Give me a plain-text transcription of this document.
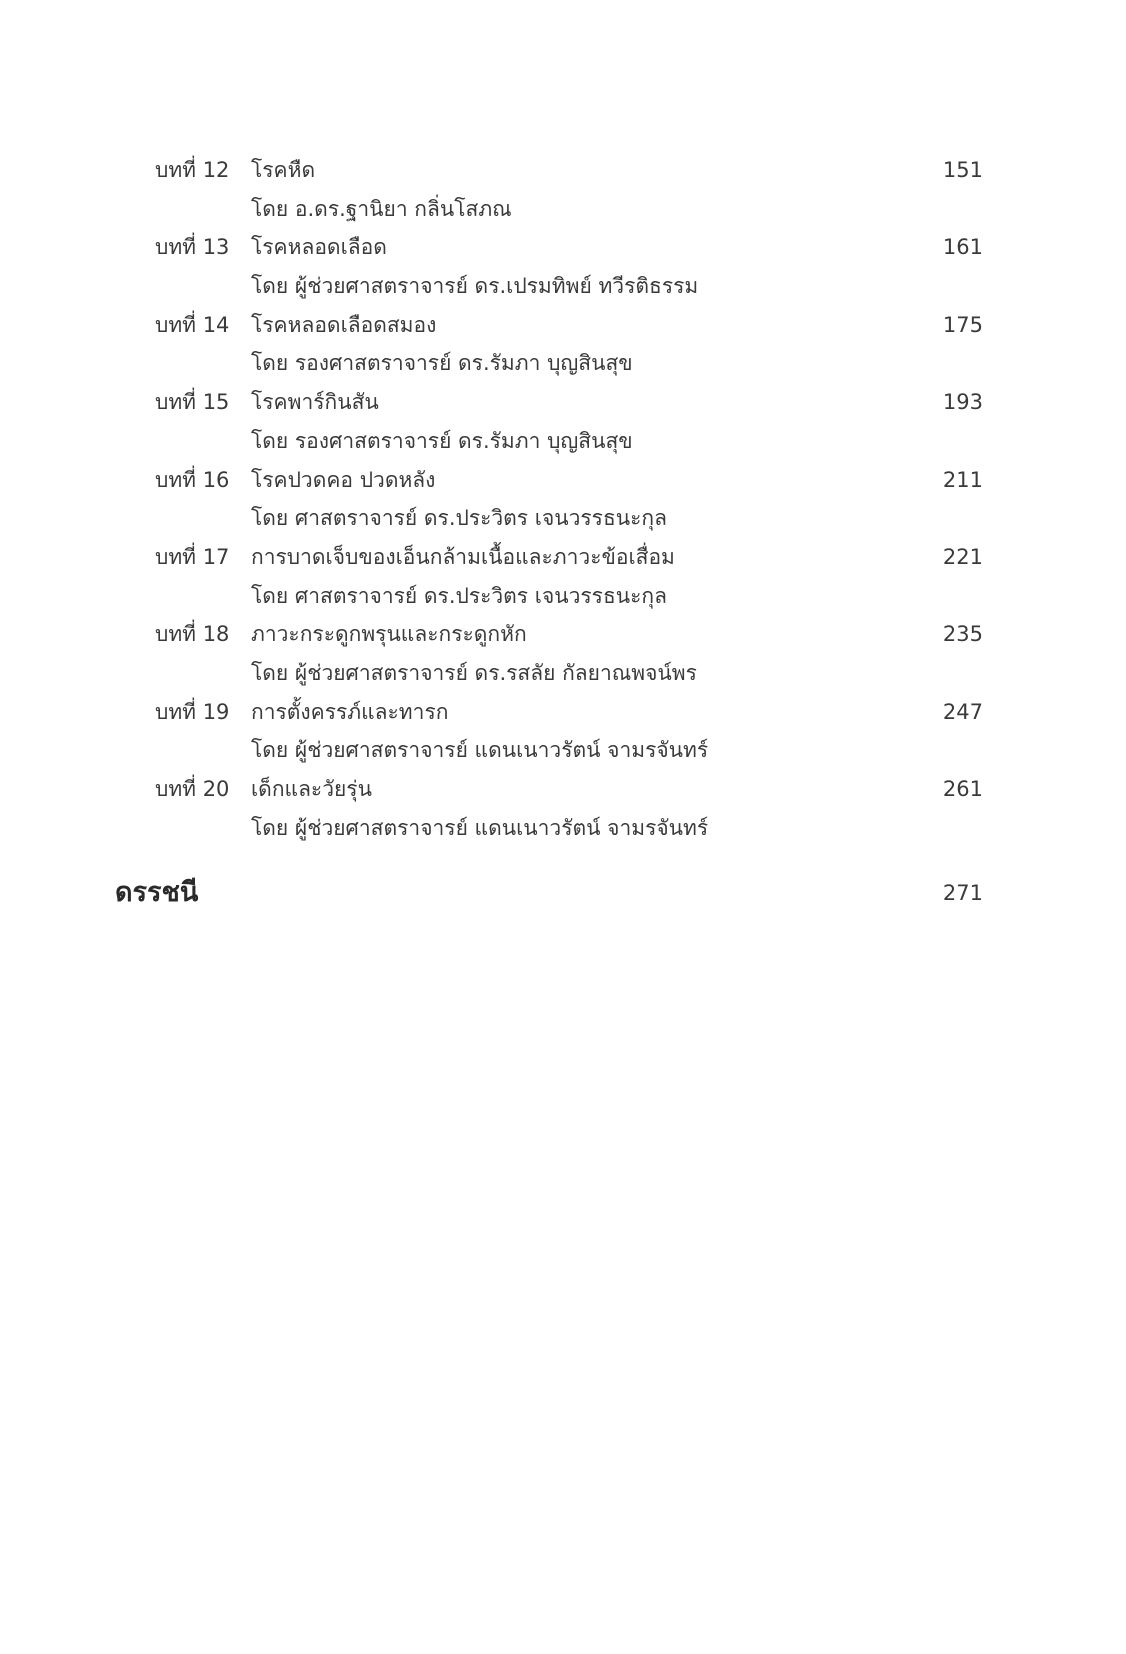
บทที่ 12 โรคหืด	151
โดย อ.ดร.ฐานิยา กลิ่นโสภณ
บทที่ 13 โรคหลอดเลือด	161
โดย ผู้ช่วยศาสตราจารย์ ดร.เปรมทิพย์ ทวีรติธรรม
บทที่ 14 โรคหลอดเลือดสมอง	175
โดย รองศาสตราจารย์ ดร.รัมภา บุญสินสุข
บทที่ 15 โรคพาร์กินสัน	193
โดย รองศาสตราจารย์ ดร.รัมภา บุญสินสุข
บทที่ 16 โรคปวดคอ ปวดหลัง	211
โดย ศาสตราจารย์ ดร.ประวิตร เจนวรรธนะกุล
บทที่ 17 การบาดเจ็บของเอ็นกล้ามเนื้อและภาวะข้อเสื่อม	221
โดย ศาสตราจารย์ ดร.ประวิตร เจนวรรธนะกุล
บทที่ 18 ภาวะกระดูกพรุนและกระดูกหัก	235
โดย ผู้ช่วยศาสตราจารย์ ดร.รสลัย กัลยาณพจน์พร
บทที่ 19 การตั้งครรภ์และทารก	247
โดย ผู้ช่วยศาสตราจารย์ แดนเนาวรัตน์ จามรจันทร์
บทที่ 20 เด็กและวัยรุ่น	261
โดย ผู้ช่วยศาสตราจารย์ แดนเนาวรัตน์ จามรจันทร์
ดรรชนี	271
